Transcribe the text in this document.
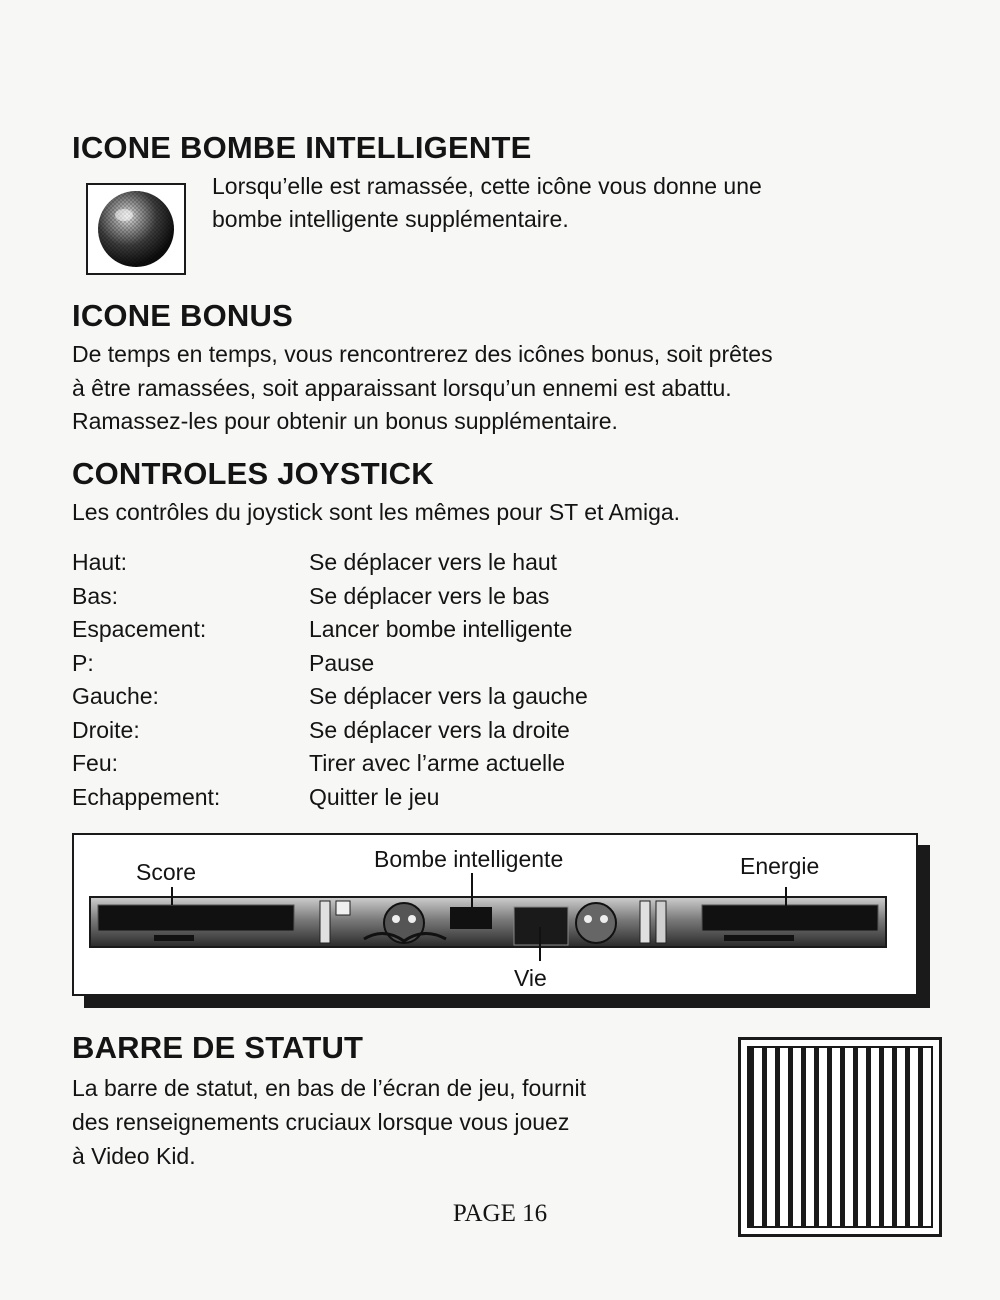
ICONE BOMBE INTELLIGENTE

Lorsqu’elle est ramassée, cette icône vous donne une

bombe intelligente supplémentaire.

ICONE BONUS

De temps en temps, vous rencontrerez des icônes bonus, soit prêtes

à être ramassées, soit apparaissant lorsqu’un ennemi est abattu.

Ramassez-les pour obtenir un bonus supplémentaire.

CONTROLES JOYSTICK

Les contrôles du joystick sont les mêmes pour ST et Amiga.

Haut:	Se déplacer vers le haut
Bas:	Se déplacer vers le bas
Espacement:	Lancer bombe intelligente
P:	Pause
Gauche:	Se déplacer vers la gauche
Droite:	Se déplacer vers la droite
Feu:	Tirer avec l’arme actuelle
Echappement:	Quitter le jeu
Score	Bombe intelligente	Energie
Vie
BARRE DE STATUT

La barre de statut, en bas de l’écran de jeu, fournit

des renseignements cruciaux lorsque vous jouez

à Video Kid.

PAGE 16
